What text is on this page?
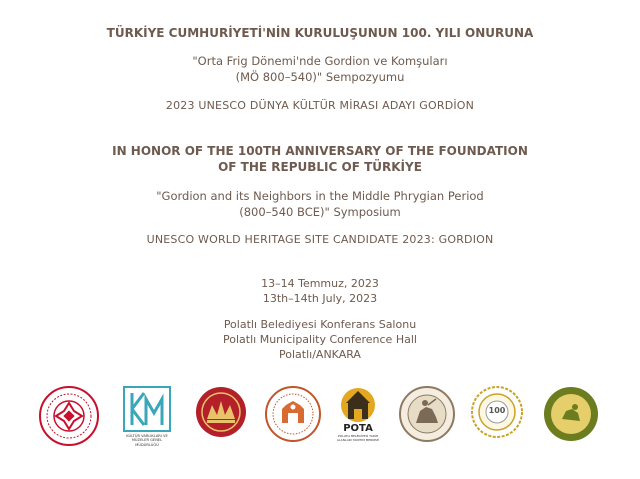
TÜRKİYE CUMHURİYETİ'NİN KURULUŞUNUN 100. YILI ONURUNA
"Orta Frig Dönemi'nde Gordion ve Komşuları
(MÖ 800–540)" Sempozyumu
2023 UNESCO DÜNYA KÜLTÜR MİRASI ADAYI GORDİON
IN HONOR OF THE 100TH ANNIVERSARY OF THE FOUNDATION
OF THE REPUBLIC OF TÜRKİYE
"Gordion and its Neighbors in the Middle Phrygian Period
(800–540 BCE)" Symposium
UNESCO WORLD HERITAGE SITE CANDIDATE 2023: GORDION
13–14 Temmuz, 2023
13th–14th July, 2023
Polatlı Belediyesi Konferans Salonu
Polatlı Municipality Conference Hall
Polatlı/ANKARA
KÜLTÜR VARLIKLARI VE MÜZELER GENEL MÜDÜRLÜĞÜ
POTA
POLATLI BELEDİYESİ TARİH ALANLARI TANITIM MERKEZİ
100
